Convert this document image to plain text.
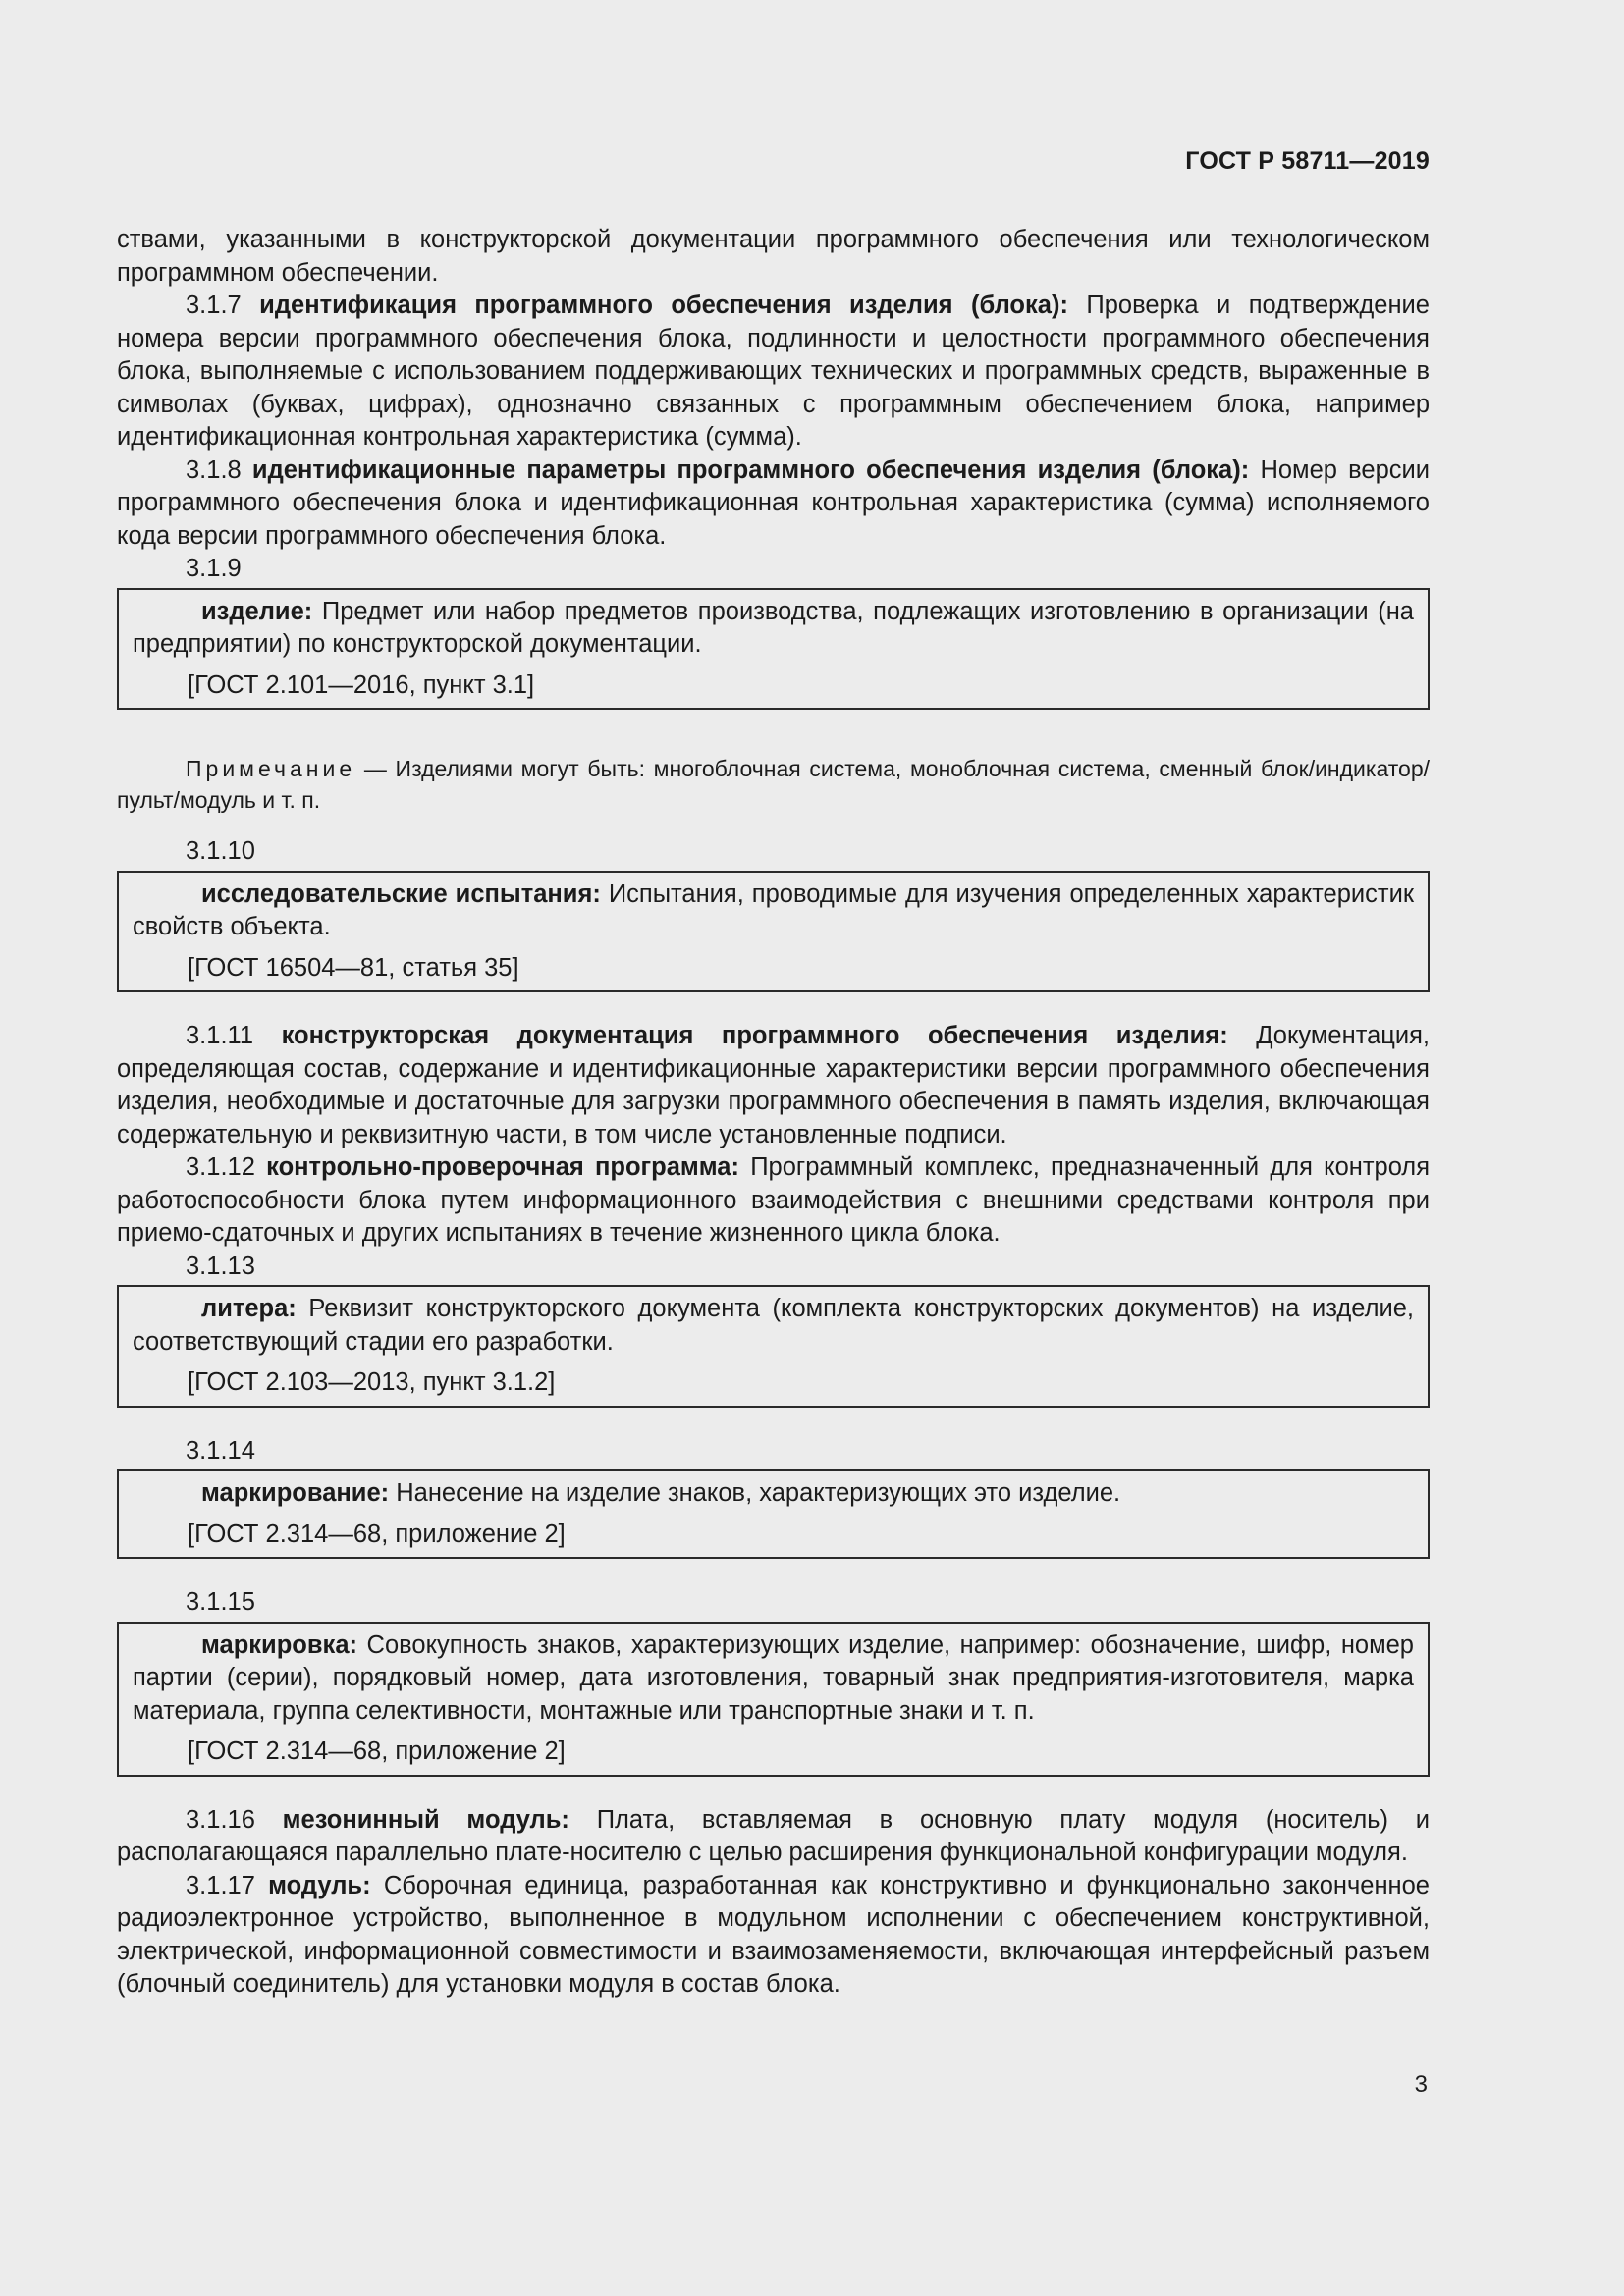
ГОСТ Р 58711—2019

ствами, указанными в конструкторской документации программного обеспечения или технологическом программном обеспечении.

3.1.7 идентификация программного обеспечения изделия (блока): Проверка и подтверждение номера версии программного обеспечения блока, подлинности и целостности программного обеспечения блока, выполняемые с использованием поддерживающих технических и программных средств, выраженные в символах (буквах, цифрах), однозначно связанных с программным обеспечением блока, например идентификационная контрольная характеристика (сумма).

3.1.8 идентификационные параметры программного обеспечения изделия (блока): Номер версии программного обеспечения блока и идентификационная контрольная характеристика (сумма) исполняемого кода версии программного обеспечения блока.

3.1.9

изделие: Предмет или набор предметов производства, подлежащих изготовлению в организации (на предприятии) по конструкторской документации.

[ГОСТ 2.101—2016, пункт 3.1]

Примечание — Изделиями могут быть: многоблочная система, моноблочная система, сменный блок/индикатор/пульт/модуль и т. п.

3.1.10

исследовательские испытания: Испытания, проводимые для изучения определенных характеристик свойств объекта.

[ГОСТ 16504—81, статья 35]

3.1.11 конструкторская документация программного обеспечения изделия: Документация, определяющая состав, содержание и идентификационные характеристики версии программного обеспечения изделия, необходимые и достаточные для загрузки программного обеспечения в память изделия, включающая содержательную и реквизитную части, в том числе установленные подписи.

3.1.12 контрольно-проверочная программа: Программный комплекс, предназначенный для контроля работоспособности блока путем информационного взаимодействия с внешними средствами контроля при приемо-сдаточных и других испытаниях в течение жизненного цикла блока.

3.1.13

литера: Реквизит конструкторского документа (комплекта конструкторских документов) на изделие, соответствующий стадии его разработки.

[ГОСТ 2.103—2013, пункт 3.1.2]
3.1.14

маркирование: Нанесение на изделие знаков, характеризующих это изделие.

[ГОСТ 2.314—68, приложение 2]
3.1.15

маркировка: Совокупность знаков, характеризующих изделие, например: обозначение, шифр, номер партии (серии), порядковый номер, дата изготовления, товарный знак предприятия-изготовителя, марка материала, группа селективности, монтажные или транспортные знаки и т. п.

[ГОСТ 2.314—68, приложение 2]

3.1.16 мезонинный модуль: Плата, вставляемая в основную плату модуля (носитель) и располагающаяся параллельно плате-носителю с целью расширения функциональной конфигурации модуля.

3.1.17 модуль: Сборочная единица, разработанная как конструктивно и функционально законченное радиоэлектронное устройство, выполненное в модульном исполнении с обеспечением конструктивной, электрической, информационной совместимости и взаимозаменяемости, включающая интерфейсный разъем (блочный соединитель) для установки модуля в состав блока.

3
